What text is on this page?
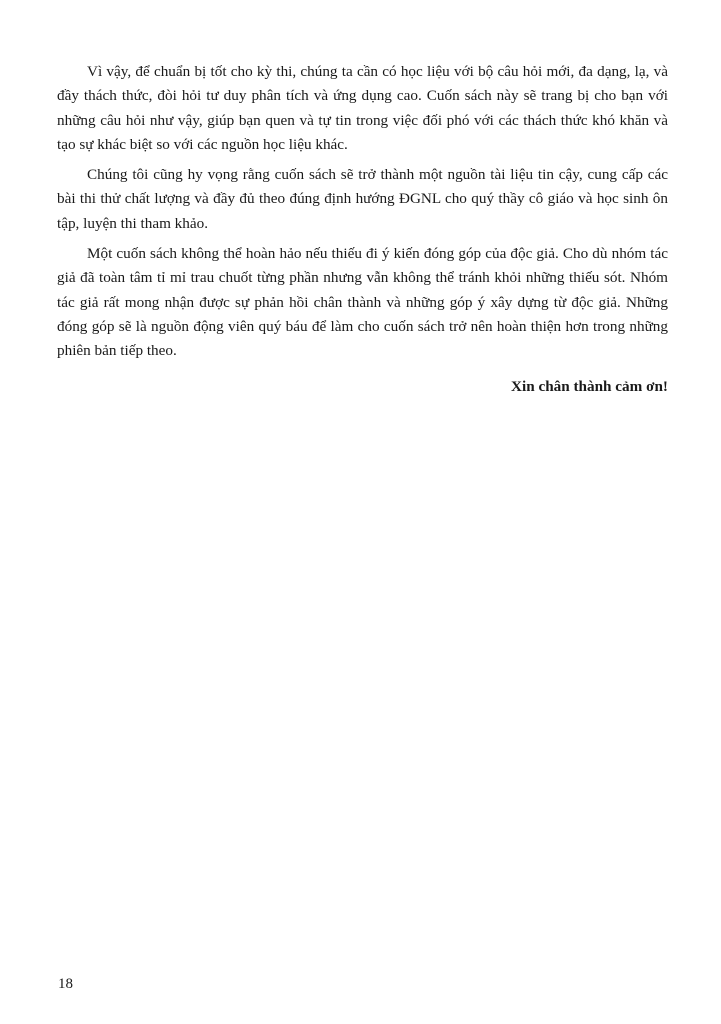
Vì vậy, để chuẩn bị tốt cho kỳ thi, chúng ta cần có học liệu với bộ câu hỏi mới, đa dạng, lạ, và đầy thách thức, đòi hỏi tư duy phân tích và ứng dụng cao. Cuốn sách này sẽ trang bị cho bạn với những câu hỏi như vậy, giúp bạn quen và tự tin trong việc đối phó với các thách thức khó khăn và tạo sự khác biệt so với các nguồn học liệu khác.

Chúng tôi cũng hy vọng rằng cuốn sách sẽ trở thành một nguồn tài liệu tin cậy, cung cấp các bài thi thử chất lượng và đầy đủ theo đúng định hướng ĐGNL cho quý thầy cô giáo và học sinh ôn tập, luyện thi tham khảo.

Một cuốn sách không thể hoàn hảo nếu thiếu đi ý kiến đóng góp của độc giả. Cho dù nhóm tác giả đã toàn tâm tỉ mỉ trau chuốt từng phần nhưng vẫn không thể tránh khỏi những thiếu sót. Nhóm tác giả rất mong nhận được sự phản hồi chân thành và những góp ý xây dựng từ độc giả. Những đóng góp sẽ là nguồn động viên quý báu để làm cho cuốn sách trở nên hoàn thiện hơn trong những phiên bản tiếp theo.

Xin chân thành cảm ơn!

18
